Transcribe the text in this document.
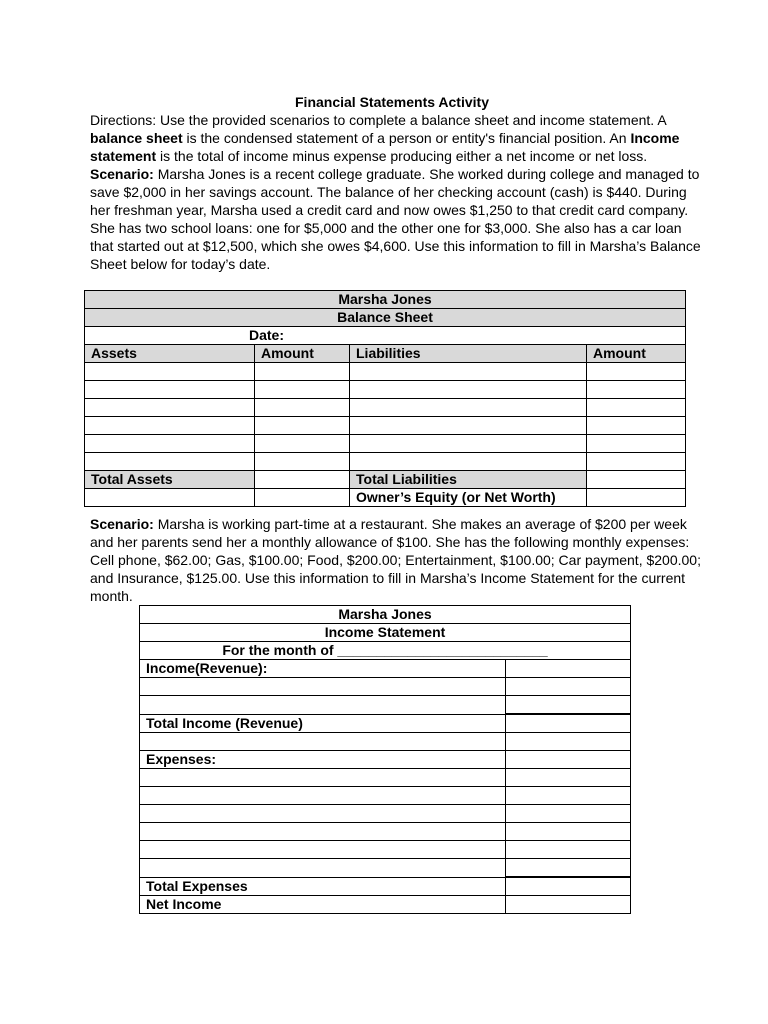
Financial Statements Activity

Directions: Use the provided scenarios to complete a balance sheet and income statement. A balance sheet is the condensed statement of a person or entity's financial position. An Income statement is the total of income minus expense producing either a net income or net loss.

Scenario: Marsha Jones is a recent college graduate. She worked during college and managed to save $2,000 in her savings account. The balance of her checking account (cash) is $440. During her freshman year, Marsha used a credit card and now owes $1,250 to that credit card company. She has two school loans: one for $5,000 and the other one for $3,000. She also has a car loan that started out at $12,500, which she owes $4,600. Use this information to fill in Marsha’s Balance Sheet below for today’s date.

Marsha Jones			
Balance Sheet			
Date:			
Assets	Amount	Liabilities	Amount

Total Assets		Total Liabilities	
		Owner’s Equity (or Net Worth)	

Scenario: Marsha is working part-time at a restaurant. She makes an average of $200 per week and her parents send her a monthly allowance of $100. She has the following monthly expenses: Cell phone, $62.00; Gas, $100.00; Food, $200.00; Entertainment, $100.00; Car payment, $200.00; and Insurance, $125.00. Use this information to fill in Marsha’s Income Statement for the current month.

Marsha Jones	
Income Statement	
For the month of ___________________________	
Income(Revenue):	

Total Income (Revenue)	

Expenses:	

Total Expenses	
Net Income	
